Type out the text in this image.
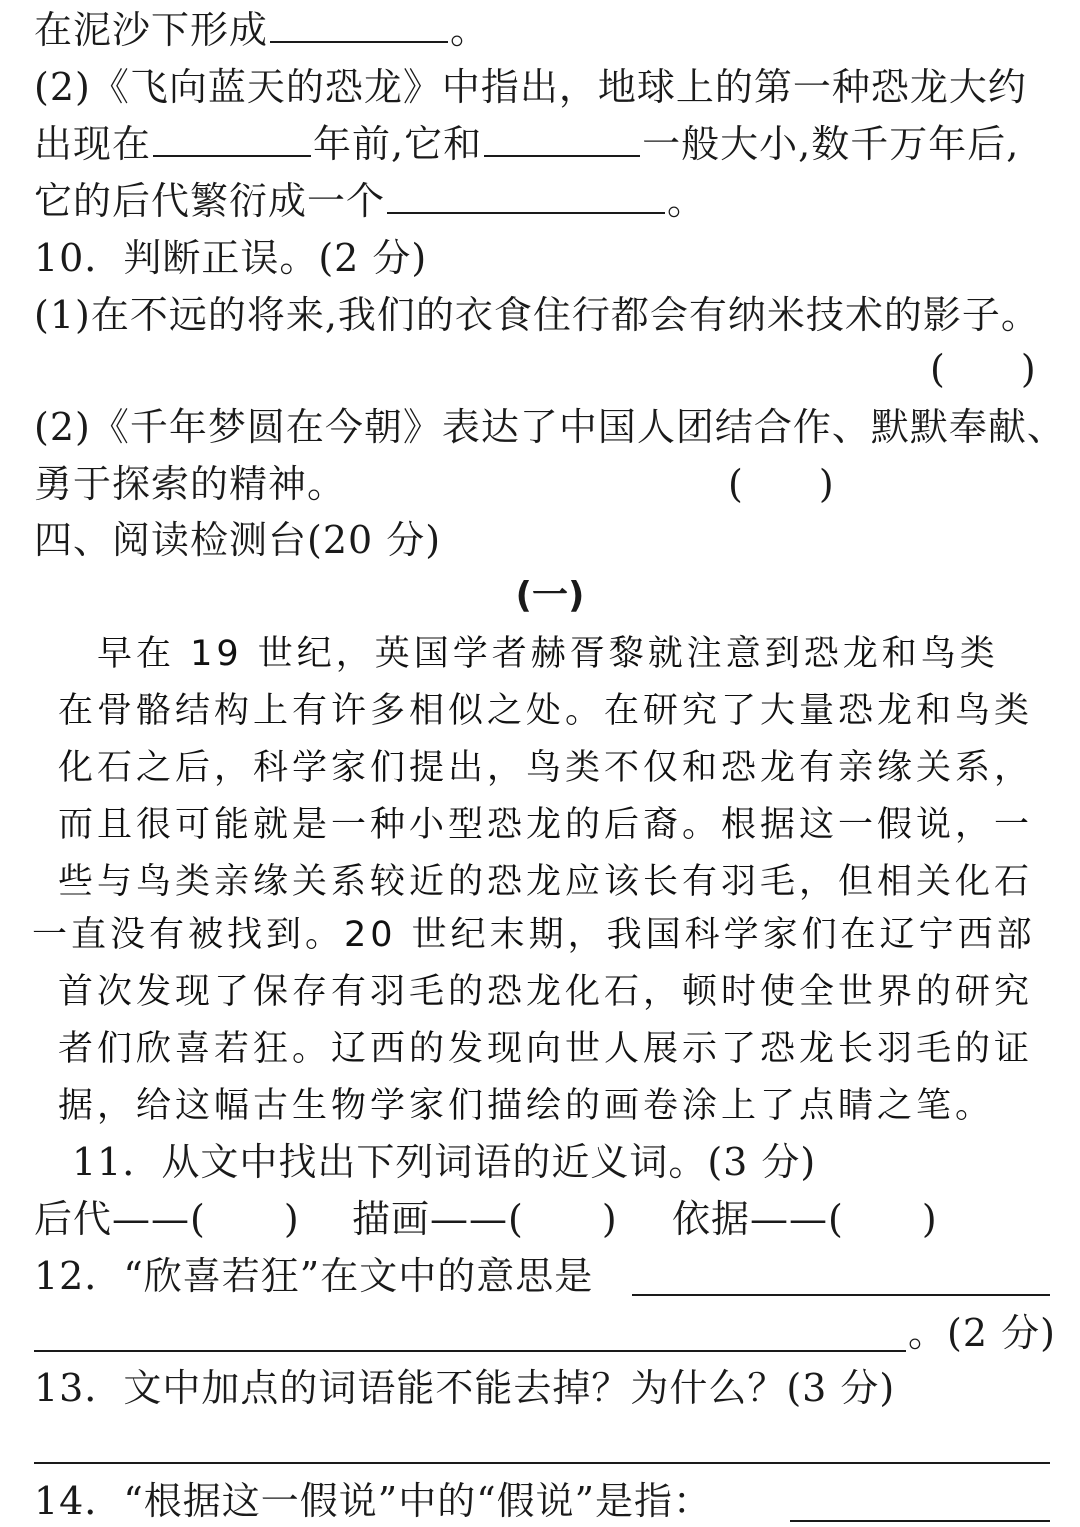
在泥沙下形成	。
(2)《飞向蓝天的恐龙》中指出，地球上的第一种恐龙大约
出现在	年前,它和	一般大小,数千万年后,
它的后代繁衍成一个	。
10．判断正误。(2 分)
(1)在不远的将来,我们的衣食住行都会有纳米技术的影子。
(　　)
(2)《千年梦圆在今朝》表达了中国人团结合作、默默奉献、
勇于探索的精神。	(　　)
四、阅读检测台(20 分)
(一)
　早在 19 世纪，英国学者赫胥黎就注意到恐龙和鸟类
在骨骼结构上有许多相似之处。在研究了大量恐龙和鸟类
化石之后，科学家们提出，鸟类不仅和恐龙有亲缘关系，
而且很可能就是一种小型恐龙的后裔。根据这一假说，一
些与鸟类亲缘关系较近的恐龙应该长有羽毛，但相关化石
一直没有被找到。20 世纪末期，我国科学家们在辽宁西部
首次发现了保存有羽毛的恐龙化石，顿时使全世界的研究
者们欣喜若狂。辽西的发现向世人展示了恐龙长羽毛的证
据，给这幅古生物学家们描绘的画卷涂上了点睛之笔。
11．从文中找出下列词语的近义词。(3 分)
后代——(　　) 描画——(　　) 依据——(　　)
12．“欣喜若狂”在文中的意思是
。(2 分)
13．文中加点的词语能不能去掉？为什么？(3 分)
14．“根据这一假说”中的“假说”是指：
